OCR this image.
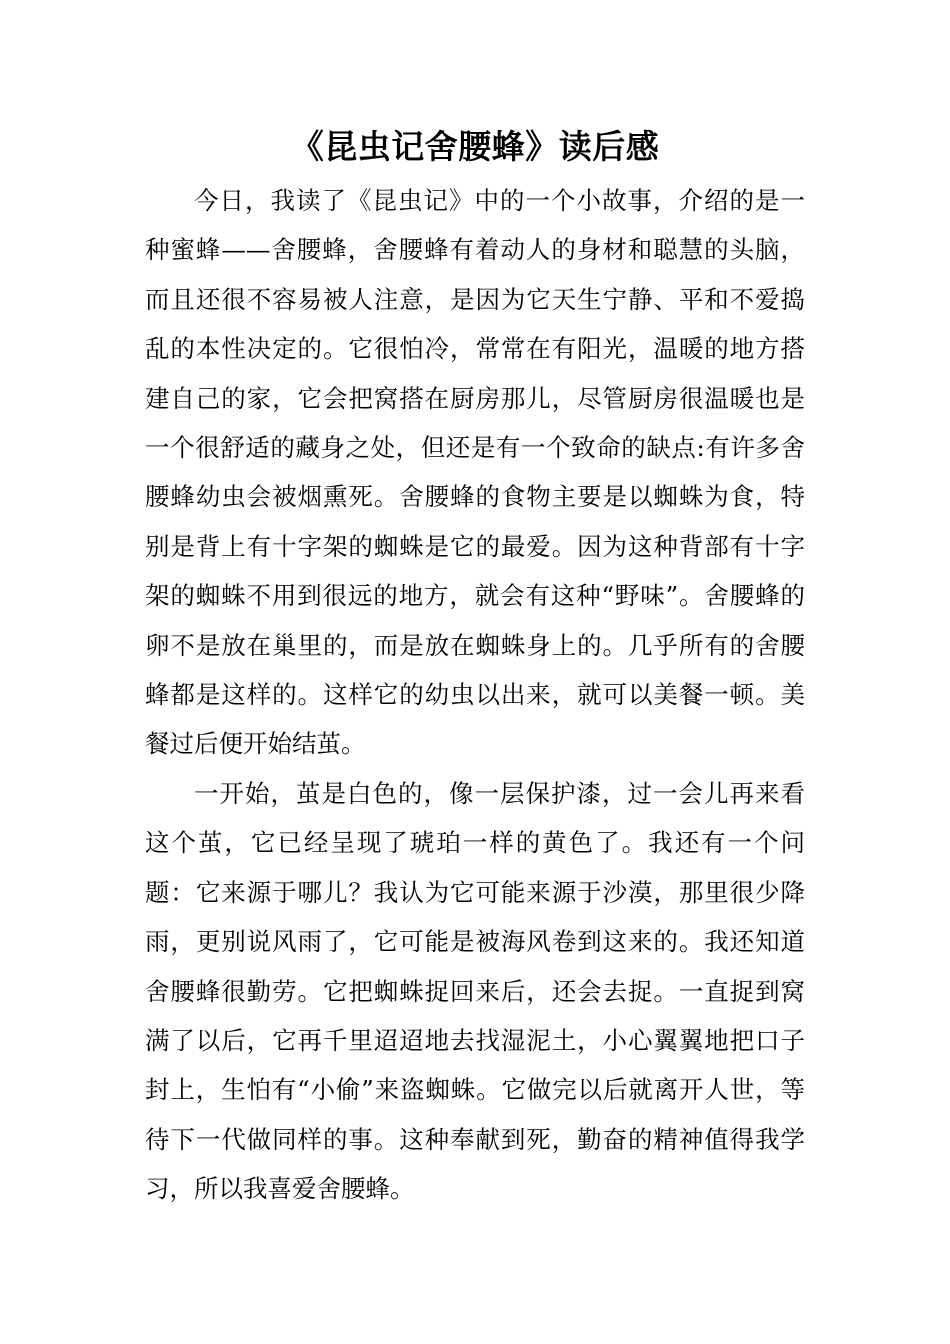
《昆虫记舍腰蜂》读后感

今日，我读了《昆虫记》中的一个小故事，介绍的是一种蜜蜂——舍腰蜂，舍腰蜂有着动人的身材和聪慧的头脑，而且还很不容易被人注意，是因为它天生宁静、平和不爱捣乱的本性决定的。它很怕冷，常常在有阳光，温暖的地方搭建自己的家，它会把窝搭在厨房那儿，尽管厨房很温暖也是一个很舒适的藏身之处，但还是有一个致命的缺点:有许多舍腰蜂幼虫会被烟熏死。舍腰蜂的食物主要是以蜘蛛为食，特别是背上有十字架的蜘蛛是它的最爱。因为这种背部有十字架的蜘蛛不用到很远的地方，就会有这种“野味”。舍腰蜂的卵不是放在巢里的，而是放在蜘蛛身上的。几乎所有的舍腰蜂都是这样的。这样它的幼虫以出来，就可以美餐一顿。美餐过后便开始结茧。

一开始，茧是白色的，像一层保护漆，过一会儿再来看这个茧，它已经呈现了琥珀一样的黄色了。我还有一个问题：它来源于哪儿？我认为它可能来源于沙漠，那里很少降雨，更别说风雨了，它可能是被海风卷到这来的。我还知道舍腰蜂很勤劳。它把蜘蛛捉回来后，还会去捉。一直捉到窝满了以后，它再千里迢迢地去找湿泥土，小心翼翼地把口子封上，生怕有“小偷”来盗蜘蛛。它做完以后就离开人世，等待下一代做同样的事。这种奉献到死，勤奋的精神值得我学习，所以我喜爱舍腰蜂。
